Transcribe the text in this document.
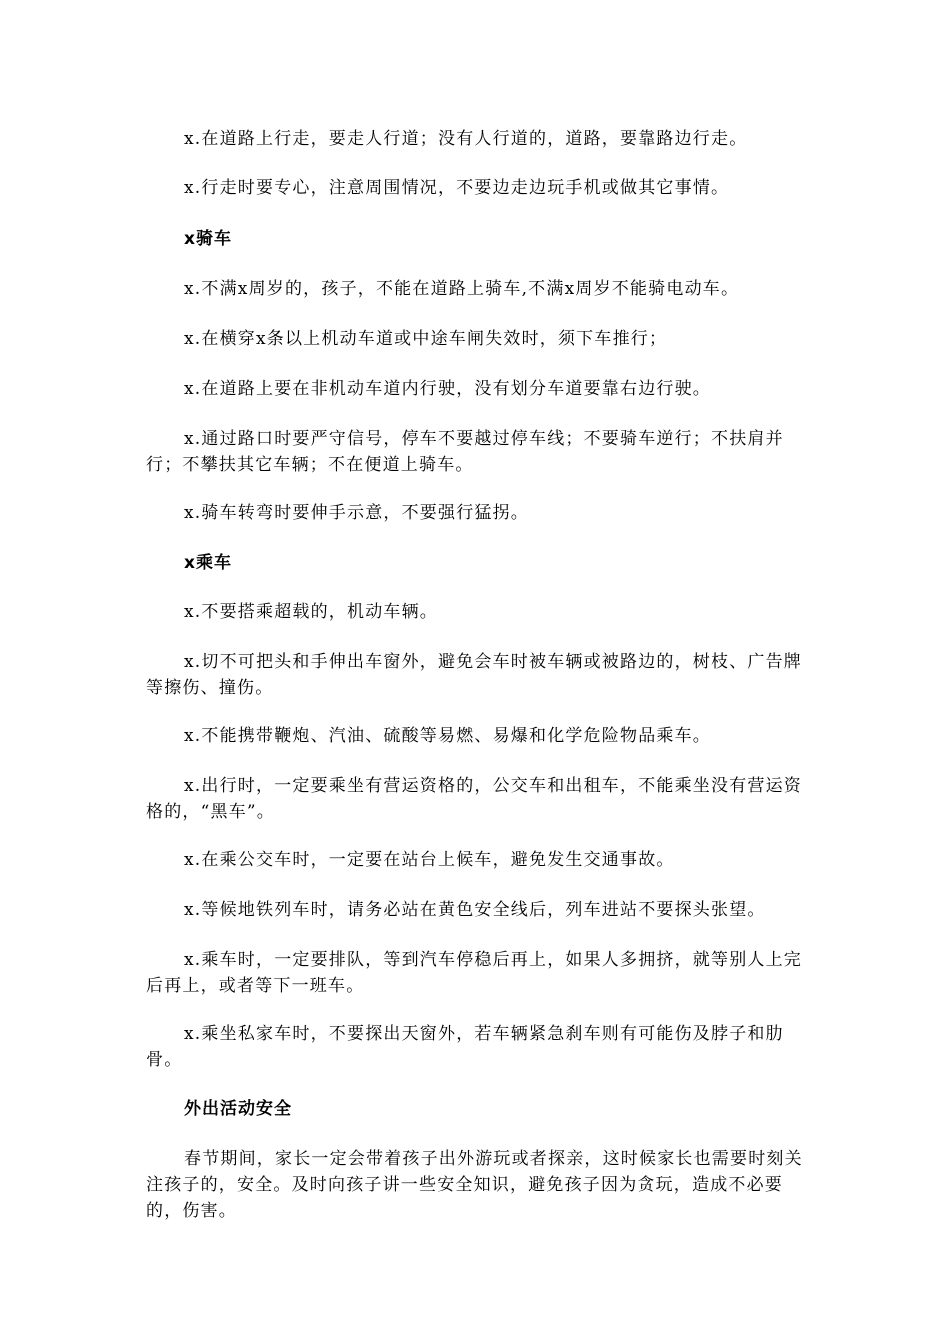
x.在道路上行走，要走人行道；没有人行道的，道路，要靠路边行走。

x.行走时要专心，注意周围情况，不要边走边玩手机或做其它事情。

x骑车

x.不满x周岁的，孩子，不能在道路上骑车,不满x周岁不能骑电动车。

x.在横穿x条以上机动车道或中途车闸失效时，须下车推行；

x.在道路上要在非机动车道内行驶，没有划分车道要靠右边行驶。

x.通过路口时要严守信号，停车不要越过停车线；不要骑车逆行；不扶肩并行；不攀扶其它车辆；不在便道上骑车。

x.骑车转弯时要伸手示意，不要强行猛拐。

x乘车

x.不要搭乘超载的，机动车辆。

x.切不可把头和手伸出车窗外，避免会车时被车辆或被路边的，树枝、广告牌等擦伤、撞伤。

x.不能携带鞭炮、汽油、硫酸等易燃、易爆和化学危险物品乘车。

x.出行时，一定要乘坐有营运资格的，公交车和出租车，不能乘坐没有营运资格的，“黑车”。

x.在乘公交车时，一定要在站台上候车，避免发生交通事故。

x.等候地铁列车时，请务必站在黄色安全线后，列车进站不要探头张望。

x.乘车时，一定要排队，等到汽车停稳后再上，如果人多拥挤，就等别人上完后再上，或者等下一班车。

x.乘坐私家车时，不要探出天窗外，若车辆紧急刹车则有可能伤及脖子和肋骨。

外出活动安全

春节期间，家长一定会带着孩子出外游玩或者探亲，这时候家长也需要时刻关注孩子的，安全。及时向孩子讲一些安全知识，避免孩子因为贪玩，造成不必要的，伤害。
